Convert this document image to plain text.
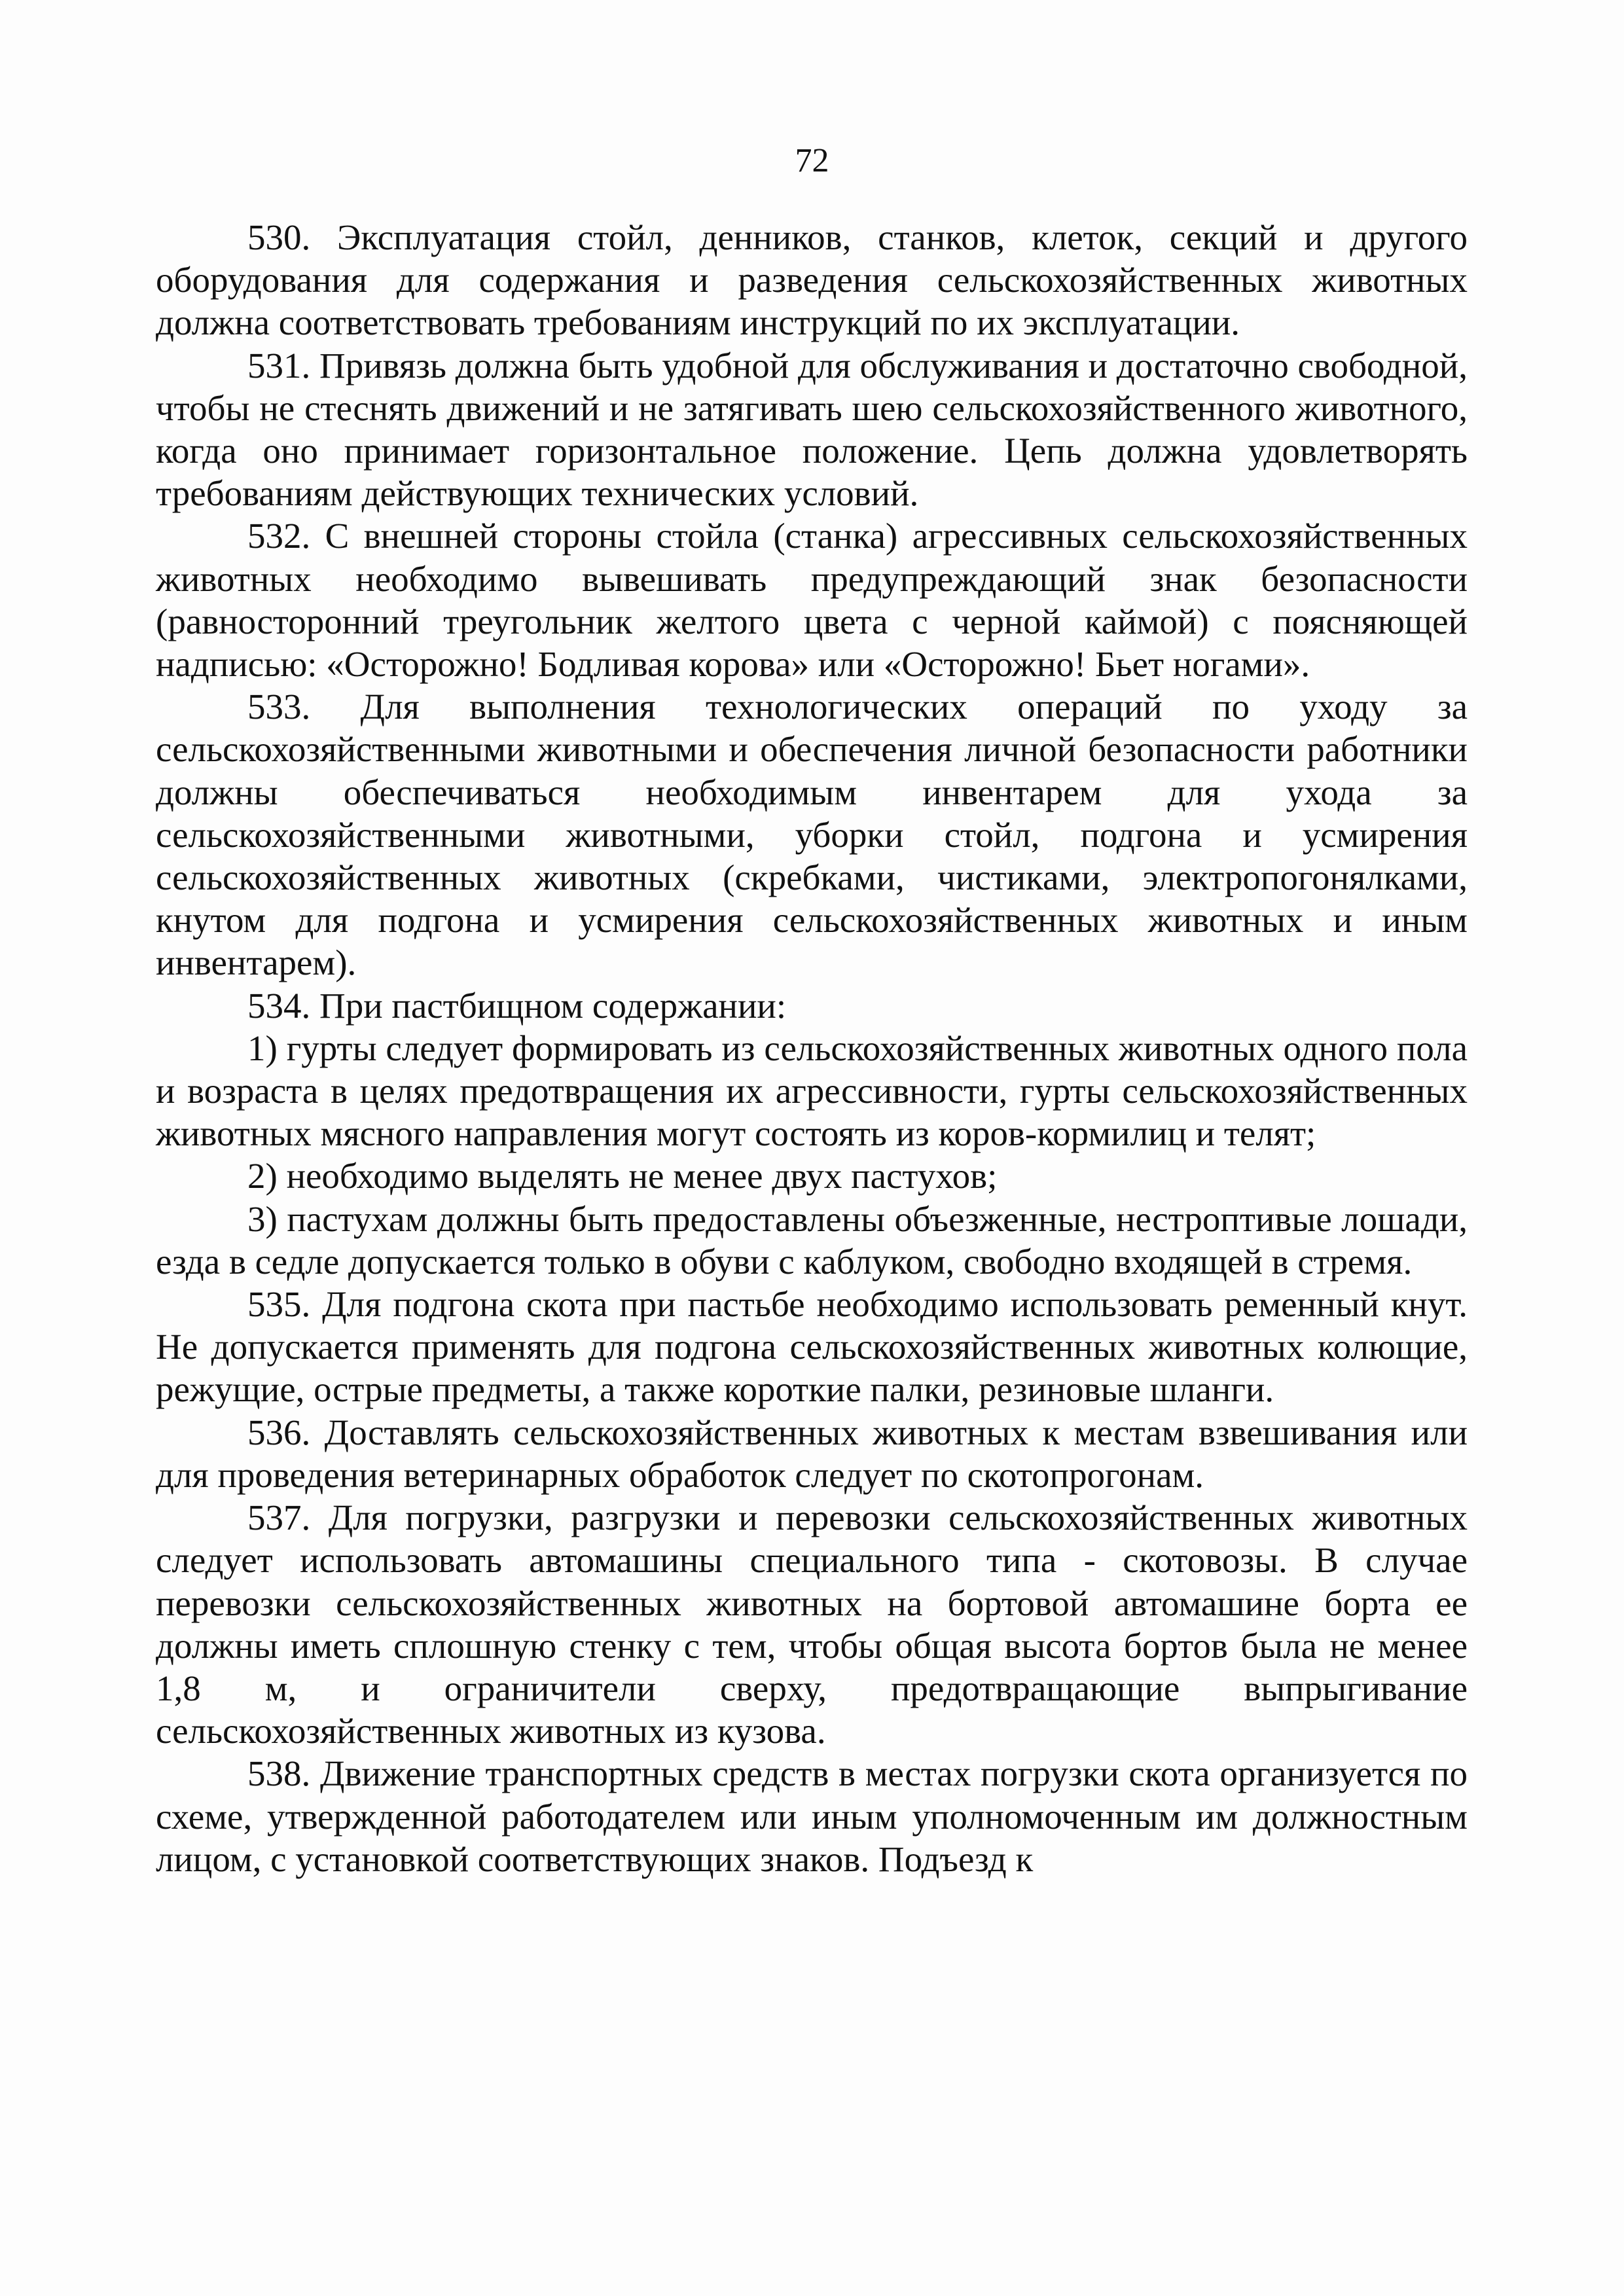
72

530. Эксплуатация стойл, денников, станков, клеток, секций и другого оборудования для содержания и разведения сельскохозяйственных животных должна соответствовать требованиям инструкций по их эксплуатации.

531. Привязь должна быть удобной для обслуживания и достаточно свободной, чтобы не стеснять движений и не затягивать шею сельскохозяйственного животного, когда оно принимает горизонтальное положение. Цепь должна удовлетворять требованиям действующих технических условий.

532. С внешней стороны стойла (станка) агрессивных сельскохозяйственных животных необходимо вывешивать предупреждающий знак безопасности (равносторонний треугольник желтого цвета с черной каймой) с поясняющей надписью: «Осторожно! Бодливая корова» или «Осторожно! Бьет ногами».

533. Для выполнения технологических операций по уходу за сельскохозяйственными животными и обеспечения личной безопасности работники должны обеспечиваться необходимым инвентарем для ухода за сельскохозяйственными животными, уборки стойл, подгона и усмирения сельскохозяйственных животных (скребками, чистиками, электропогонялками, кнутом для подгона и усмирения сельскохозяйственных животных и иным инвентарем).

534. При пастбищном содержании:

1) гурты следует формировать из сельскохозяйственных животных одного пола и возраста в целях предотвращения их агрессивности, гурты сельскохозяйственных животных мясного направления могут состоять из коров-кормилиц и телят;

2) необходимо выделять не менее двух пастухов;

3) пастухам должны быть предоставлены объезженные, нестроптивые лошади, езда в седле допускается только в обуви с каблуком, свободно входящей в стремя.

535. Для подгона скота при пастьбе необходимо использовать ременный кнут. Не допускается применять для подгона сельскохозяйственных животных колющие, режущие, острые предметы, а также короткие палки, резиновые шланги.

536. Доставлять сельскохозяйственных животных к местам взвешивания или для проведения ветеринарных обработок следует по скотопрогонам.

537. Для погрузки, разгрузки и перевозки сельскохозяйственных животных следует использовать автомашины специального типа - скотовозы. В случае перевозки сельскохозяйственных животных на бортовой автомашине борта ее должны иметь сплошную стенку с тем, чтобы общая высота бортов была не менее 1,8 м, и ограничители сверху, предотвращающие выпрыгивание сельскохозяйственных животных из кузова.

538. Движение транспортных средств в местах погрузки скота организуется по схеме, утвержденной работодателем или иным уполномоченным им должностным лицом, с установкой соответствующих знаков. Подъезд к
